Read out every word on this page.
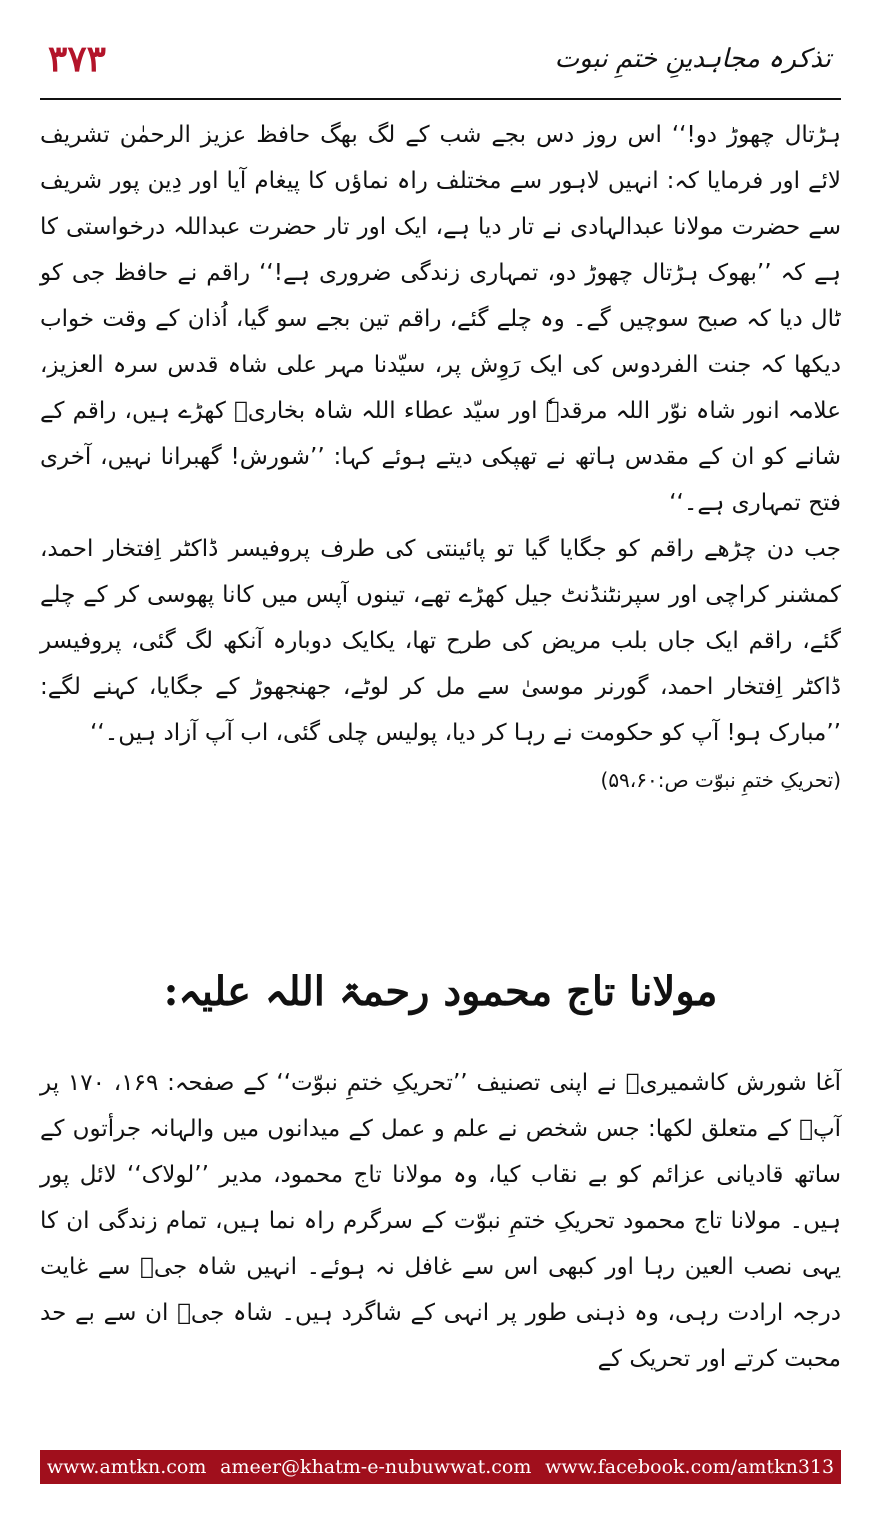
۳۷۳	تذکرہ مجاہدینِ ختمِ نبوت

ہڑتال چھوڑ دو!‘‘ اس روز دس بجے شب کے لگ بھگ حافظ عزیز الرحمٰن تشریف لائے اور فرمایا کہ: انہیں لاہور سے مختلف راہ نماؤں کا پیغام آیا اور دِین پور شریف سے حضرت مولانا عبدالہادی نے تار دیا ہے، ایک اور تار حضرت عبداللہ درخواستی کا ہے کہ ’’بھوک ہڑتال چھوڑ دو، تمہاری زندگی ضروری ہے!‘‘ راقم نے حافظ جی کو ٹال دیا کہ صبح سوچیں گے۔ وہ چلے گئے، راقم تین بجے سو گیا، اُذان کے وقت خواب دیکھا کہ جنت الفردوس کی ایک رَوِش پر، سیّدنا مہر علی شاہ قدس سرہ العزیز، علامہ انور شاہ نوّر اللہ مرقدہٗ اور سیّد عطاء اللہ شاہ بخاریؒ کھڑے ہیں، راقم کے شانے کو ان کے مقدس ہاتھ نے تھپکی دیتے ہوئے کہا: ’’شورش! گھبرانا نہیں، آخری فتح تمہاری ہے۔‘‘

جب دن چڑھے راقم کو جگایا گیا تو پائینتی کی طرف پروفیسر ڈاکٹر اِفتخار احمد، کمشنر کراچی اور سپرنٹنڈنٹ جیل کھڑے تھے، تینوں آپس میں کانا پھوسی کر کے چلے گئے، راقم ایک جاں بلب مریض کی طرح تھا، یکایک دوبارہ آنکھ لگ گئی، پروفیسر ڈاکٹر اِفتخار احمد، گورنر موسیٰ سے مل کر لوٹے، جھنجھوڑ کے جگایا، کہنے لگے: ’’مبارک ہو! آپ کو حکومت نے رہا کر دیا، پولیس چلی گئی، اب آپ آزاد ہیں۔‘‘

(تحریکِ ختمِ نبوّت ص:۵۹،۶۰)

مولانا تاج محمود رحمۃ اللہ علیہ:

آغا شورش کاشمیریؒ نے اپنی تصنیف ’’تحریکِ ختمِ نبوّت‘‘ کے صفحہ: ۱۶۹، ۱۷۰ پر آپؒ کے متعلق لکھا: جس شخص نے علم و عمل کے میدانوں میں والہانہ جرأتوں کے ساتھ قادیانی عزائم کو بے نقاب کیا، وہ مولانا تاج محمود، مدیر ’’لولاک‘‘ لائل پور ہیں۔ مولانا تاج محمود تحریکِ ختمِ نبوّت کے سرگرم راہ نما ہیں، تمام زندگی ان کا یہی نصب العین رہا اور کبھی اس سے غافل نہ ہوئے۔ انہیں شاہ جیؒ سے غایت درجہ ارادت رہی، وہ ذہنی طور پر انہی کے شاگرد ہیں۔ شاہ جیؒ ان سے بے حد محبت کرتے اور تحریک کے

www.amtkn.com ameer@khatm-e-nubuwwat.com www.facebook.com/amtkn313
